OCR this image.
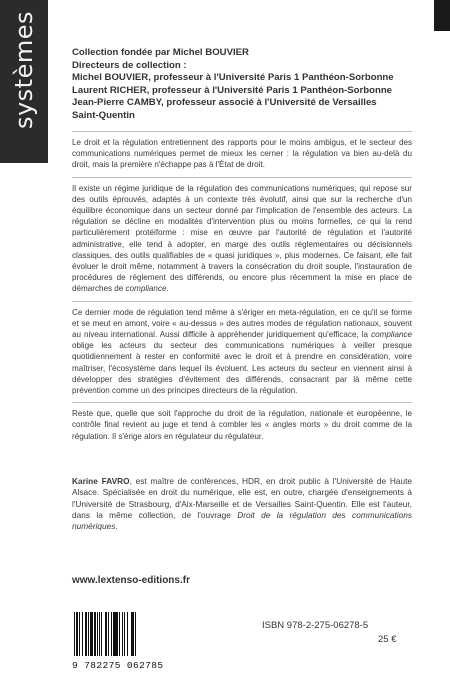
systèmes	Collection fondée par Michel BOUVIER
Directeurs de collection :
Michel BOUVIER, professeur à l'Université Paris 1 Panthéon-Sorbonne
Laurent RICHER, professeur à l'Université Paris 1 Panthéon-Sorbonne
Jean-Pierre CAMBY, professeur associé à l'Université de Versailles
Saint-Quentin

Le droit et la régulation entretiennent des rapports pour le moins ambigus, et le secteur des communications numériques permet de mieux les cerner : la régulation va bien au-delà du droit, mais la première n'échappe pas à l'État de droit.

Il existe un régime juridique de la régulation des communications numériques, qui repose sur des outils éprouvés, adaptés à un contexte très évolutif, ainsi que sur la recherche d'un équilibre économique dans un secteur donné par l'implication de l'ensemble des acteurs. La régulation se décline en modalités d'intervention plus ou moins formelles, ce qui la rend particulièrement protéiforme : mise en œuvre par l'autorité de régulation et l'autorité administrative, elle tend à adopter, en marge des outils réglementaires ou décisionnels classiques, des outils qualifiables de « quasi juridiques », plus modernes. Ce faisant, elle fait évoluer le droit même, notamment à travers la consécration du droit souple, l'instauration de procédures de règlement des différends, ou encore plus récemment la mise en place de démarches de compliance.

Ce dernier mode de régulation tend même à s'ériger en meta-régulation, en ce qu'il se forme et se meut en amont, voire « au-dessus » des autres modes de régulation nationaux, souvent au niveau international. Aussi difficile à appréhender juridiquement qu'efficace, la compliance oblige les acteurs du secteur des communications numériques à veiller presque quotidiennement à rester en conformité avec le droit et à prendre en considération, voire maîtriser, l'écosystème dans lequel ils évoluent. Les acteurs du secteur en viennent ainsi à développer des stratégies d'évitement des différends, consacrant par là même cette prévention comme un des principes directeurs de la régulation.

Reste que, quelle que soit l'approche du droit de la régulation, nationale et européenne, le contrôle final revient au juge et tend à combler les « angles morts » du droit comme de la régulation. Il s'érige alors en régulateur du régulateur.

Karine FAVRO, est maître de conférences, HDR, en droit public à l'Université de Haute Alsace. Spécialisée en droit du numérique, elle est, en outre, chargée d'enseignements à l'Université de Strasbourg, d'Aix-Marseille et de Versailles Saint-Quentin. Elle est l'auteur, dans la même collection, de l'ouvrage Droit de la régulation des communications numériques.
www.lextenso-editions.fr
9 782275 062785
ISBN 978-2-275-06278-5
25 €
